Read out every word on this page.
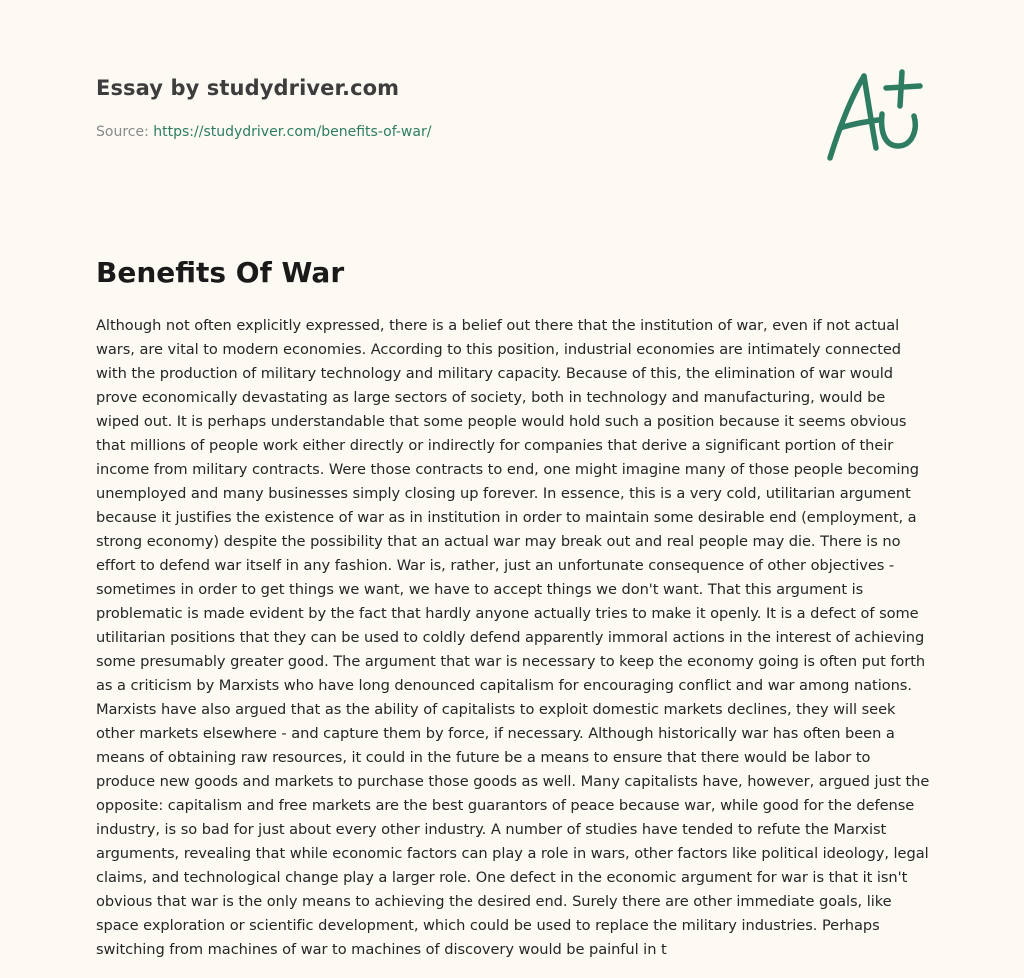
Essay by studydriver.com

Source: https://studydriver.com/benefits-of-war/

Benefits Of War

Although not often explicitly expressed, there is a belief out there that the institution of war, even if not actual wars, are vital to modern economies. According to this position, industrial economies are intimately connected with the production of military technology and military capacity. Because of this, the elimination of war would prove economically devastating as large sectors of society, both in technology and manufacturing, would be wiped out. It is perhaps understandable that some people would hold such a position because it seems obvious that millions of people work either directly or indirectly for companies that derive a significant portion of their income from military contracts. Were those contracts to end, one might imagine many of those people becoming unemployed and many businesses simply closing up forever. In essence, this is a very cold, utilitarian argument because it justifies the existence of war as in institution in order to maintain some desirable end (employment, a strong economy) despite the possibility that an actual war may break out and real people may die. There is no effort to defend war itself in any fashion. War is, rather, just an unfortunate consequence of other objectives - sometimes in order to get things we want, we have to accept things we don't want. That this argument is problematic is made evident by the fact that hardly anyone actually tries to make it openly. It is a defect of some utilitarian positions that they can be used to coldly defend apparently immoral actions in the interest of achieving some presumably greater good. The argument that war is necessary to keep the economy going is often put forth as a criticism by Marxists who have long denounced capitalism for encouraging conflict and war among nations. Marxists have also argued that as the ability of capitalists to exploit domestic markets declines, they will seek other markets elsewhere - and capture them by force, if necessary. Although historically war has often been a means of obtaining raw resources, it could in the future be a means to ensure that there would be labor to produce new goods and markets to purchase those goods as well. Many capitalists have, however, argued just the opposite: capitalism and free markets are the best guarantors of peace because war, while good for the defense industry, is so bad for just about every other industry. A number of studies have tended to refute the Marxist arguments, revealing that while economic factors can play a role in wars, other factors like political ideology, legal claims, and technological change play a larger role. One defect in the economic argument for war is that it isn't obvious that war is the only means to achieving the desired end. Surely there are other immediate goals, like space exploration or scientific development, which could be used to replace the military industries. Perhaps switching from machines of war to machines of discovery would be painful in t
